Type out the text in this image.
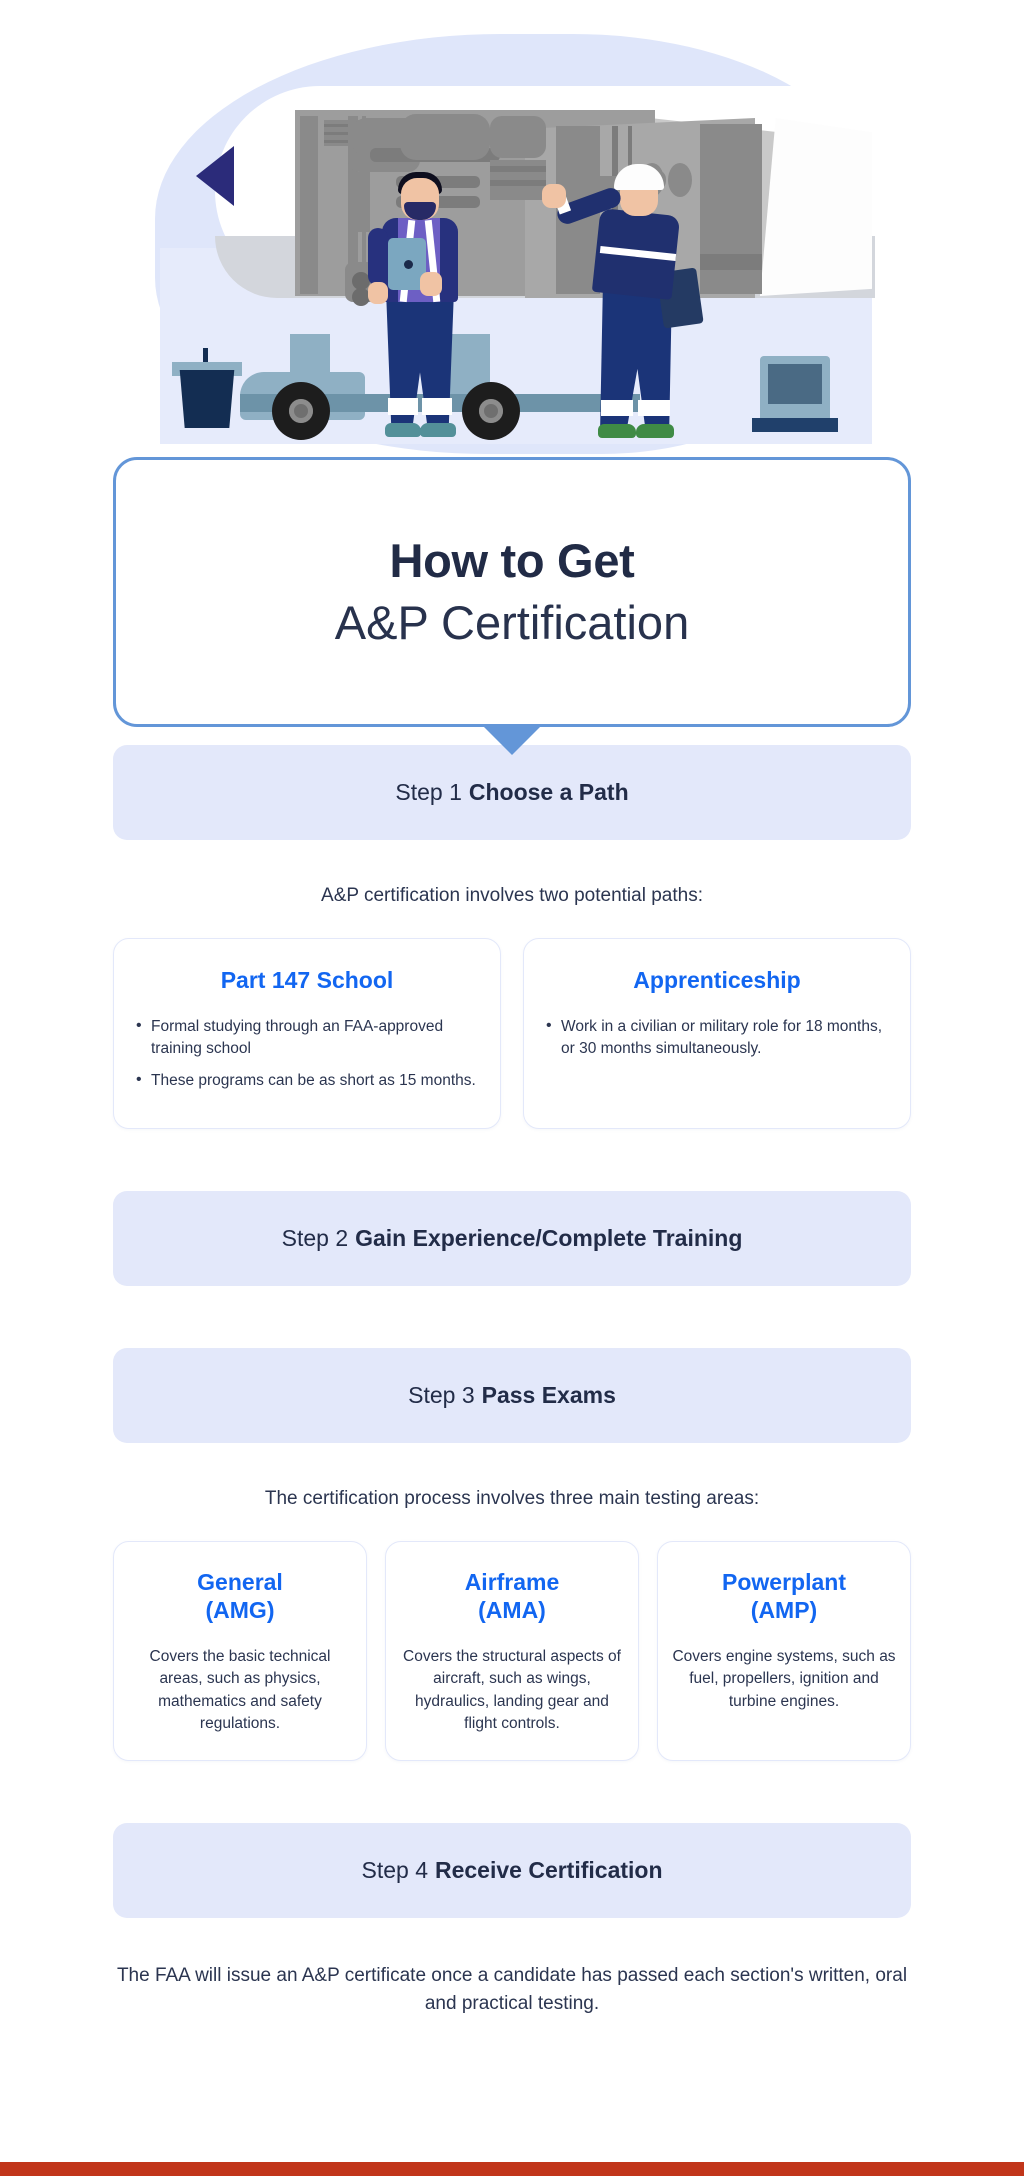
How to Get
A&P Certification
Step 1 Choose a Path
A&P certification involves two potential paths:
Part 147 School
• Formal studying through an FAA-approved training school
• These programs can be as short as 15 months.
Apprenticeship
• Work in a civilian or military role for 18 months, or 30 months simultaneously.
Step 2 Gain Experience/Complete Training
Step 3 Pass Exams
The certification process involves three main testing areas:
General
(AMG)
Covers the basic technical areas, such as physics, mathematics and safety regulations.
Airframe
(AMA)
Covers the structural aspects of aircraft, such as wings, hydraulics, landing gear and flight controls.
Powerplant
(AMP)
Covers engine systems, such as fuel, propellers, ignition and turbine engines.
Step 4 Receive Certification
The FAA will issue an A&P certificate once a candidate has passed each section's written, oral and practical testing.
